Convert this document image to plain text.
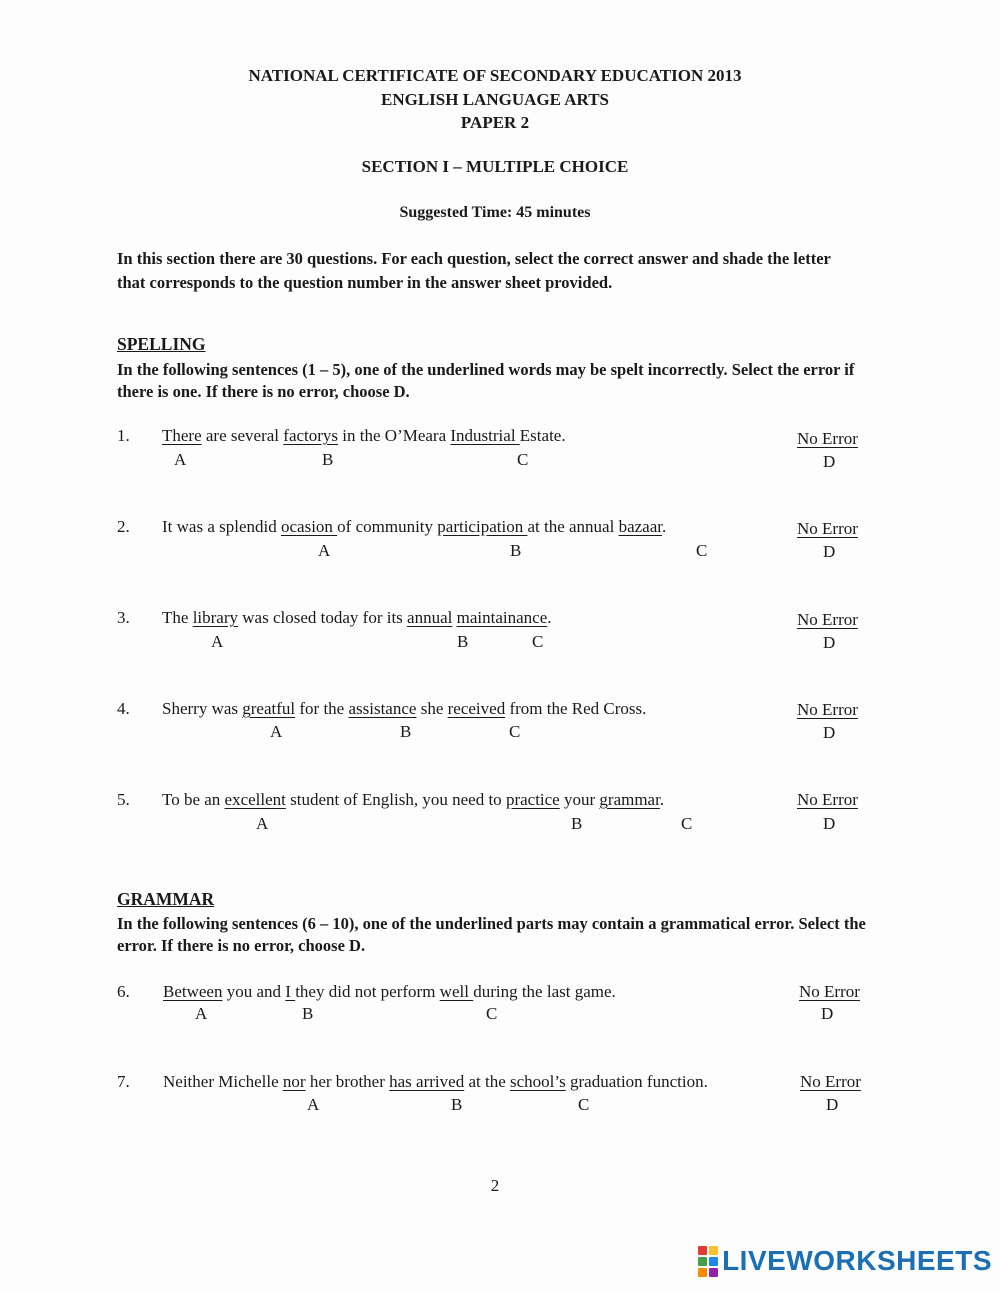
NATIONAL CERTIFICATE OF SECONDARY EDUCATION 2013
ENGLISH LANGUAGE ARTS
PAPER 2
SECTION I – MULTIPLE CHOICE
Suggested Time: 45 minutes
In this section there are 30 questions. For each question, select the correct answer and shade the letter that corresponds to the question number in the answer sheet provided.
SPELLING
In the following sentences (1 – 5), one of the underlined words may be spelt incorrectly. Select the error if there is one. If there is no error, choose D.
1. There are several factorys in the O’Meara Industrial Estate.	No Error
A	B	C	D
2. It was a splendid ocasion of community participation at the annual bazaar.	No Error
A	B	C	D
3. The library was closed today for its annual maintainance.	No Error
A	B	C	D
4. Sherry was greatful for the assistance she received from the Red Cross.	No Error
A	B	C	D
5. To be an excellent student of English, you need to practice your grammar.	No Error
A	B	C	D
GRAMMAR
In the following sentences (6 – 10), one of the underlined parts may contain a grammatical error. Select the error. If there is no error, choose D.
6. Between you and I they did not perform well during the last game.	No Error
A	B	C	D
7. Neither Michelle nor her brother has arrived at the school’s graduation function.	No Error
A	B	C	D
2
LIVEWORKSHEETS
